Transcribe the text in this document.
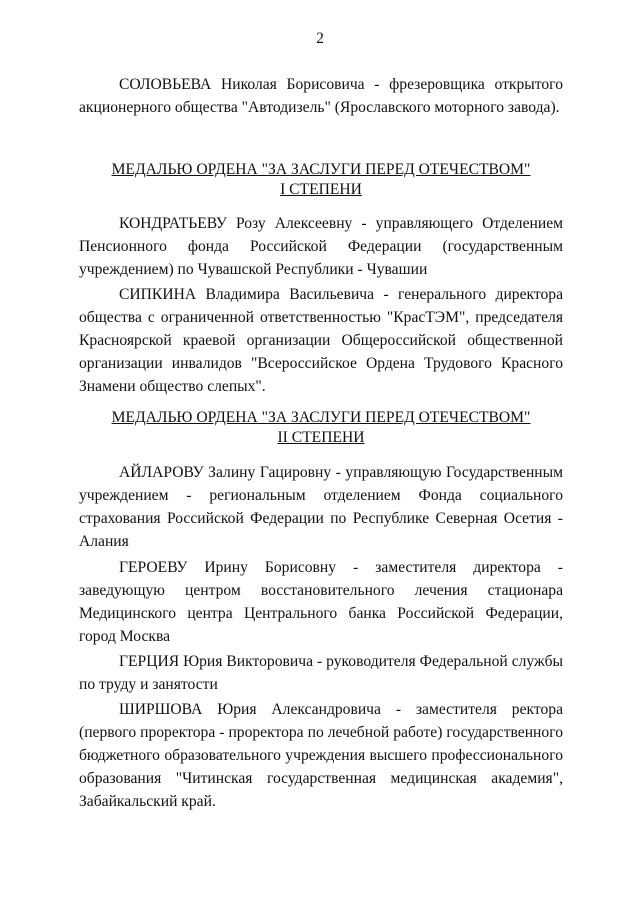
2

СОЛОВЬЕВА Николая Борисовича - фрезеровщика открытого акционерного общества "Автодизель" (Ярославского моторного завода).

МЕДАЛЬЮ ОРДЕНА "ЗА ЗАСЛУГИ ПЕРЕД ОТЕЧЕСТВОМ"
I СТЕПЕНИ

КОНДРАТЬЕВУ Розу Алексеевну - управляющего Отделением Пенсионного фонда Российской Федерации (государственным учреждением) по Чувашской Республики - Чувашии

СИПКИНА Владимира Васильевича - генерального директора общества с ограниченной ответственностью "КрасТЭМ", председателя Красноярской краевой организации Общероссийской общественной организации инвалидов "Всероссийское Ордена Трудового Красного Знамени общество слепых".

МЕДАЛЬЮ ОРДЕНА "ЗА ЗАСЛУГИ ПЕРЕД ОТЕЧЕСТВОМ"
II СТЕПЕНИ

АЙЛАРОВУ Залину Гацировну - управляющую Государственным учреждением - региональным отделением Фонда социального страхования Российской Федерации по Республике Северная Осетия - Алания

ГЕРОЕВУ Ирину Борисовну - заместителя директора - заведующую центром восстановительного лечения стационара Медицинского центра Центрального банка Российской Федерации, город Москва

ГЕРЦИЯ Юрия Викторовича - руководителя Федеральной службы по труду и занятости

ШИРШОВА Юрия Александровича - заместителя ректора (первого проректора - проректора по лечебной работе) государственного бюджетного образовательного учреждения высшего профессионального образования "Читинская государственная медицинская академия", Забайкальский край.
